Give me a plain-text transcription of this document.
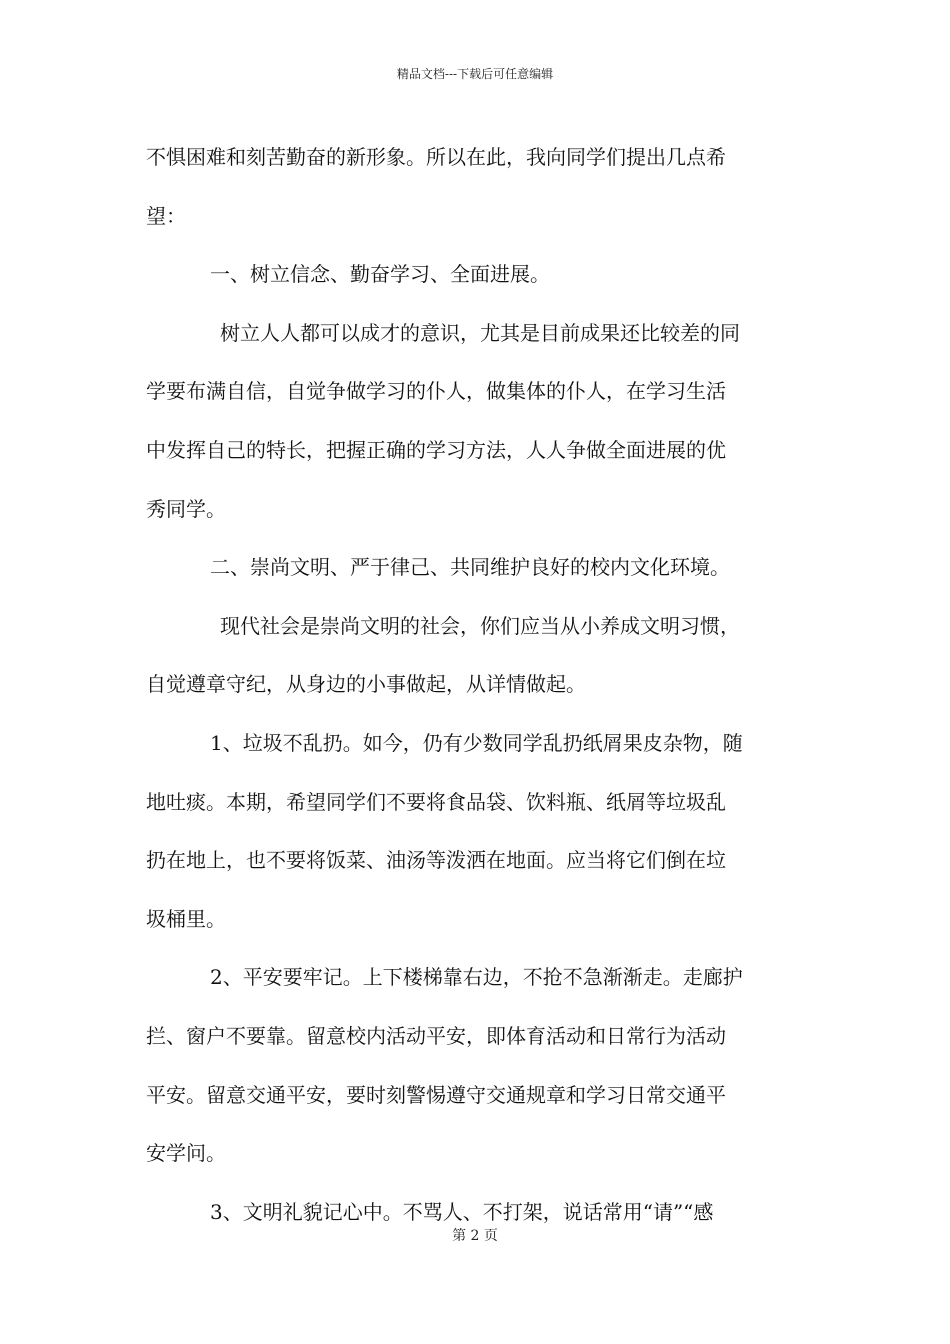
精品文档---下载后可任意编辑

不惧困难和刻苦勤奋的新形象。所以在此，我向同学们提出几点希

望：

一、树立信念、勤奋学习、全面进展。

树立人人都可以成才的意识，尤其是目前成果还比较差的同

学要布满自信，自觉争做学习的仆人，做集体的仆人，在学习生活

中发挥自己的特长，把握正确的学习方法，人人争做全面进展的优

秀同学。

二、崇尚文明、严于律己、共同维护良好的校内文化环境。

现代社会是崇尚文明的社会，你们应当从小养成文明习惯，

自觉遵章守纪，从身边的小事做起，从详情做起。

1、垃圾不乱扔。如今，仍有少数同学乱扔纸屑果皮杂物，随

地吐痰。本期，希望同学们不要将食品袋、饮料瓶、纸屑等垃圾乱

扔在地上，也不要将饭菜、油汤等泼洒在地面。应当将它们倒在垃

圾桶里。

2、平安要牢记。上下楼梯靠右边，不抢不急渐渐走。走廊护

拦、窗户不要靠。留意校内活动平安，即体育活动和日常行为活动

平安。留意交通平安，要时刻警惕遵守交通规章和学习日常交通平

安学问。

3、文明礼貌记心中。不骂人、不打架，说话常用“请”“感

第 2 页
